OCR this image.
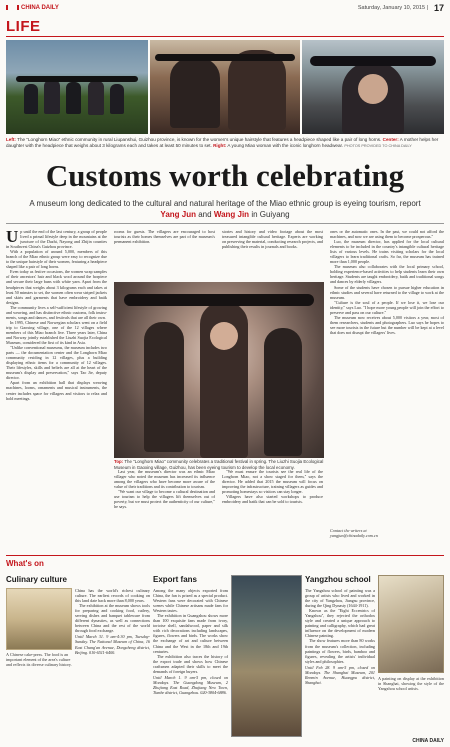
CHINA DAILY	Saturday, January 10, 2015 | 17
LIFE
Left: The "Longhorn Miao" ethnic community in rural Liupanshui, Guizhou province, is known for the women's unique hairstyle that features a headpiece shaped like a pair of long horns. Center: A mother helps her daughter with the headpiece that weighs about 3 kilograms each and takes at least 50 minutes to set. Right: A young Miao woman with the iconic longhorn headwear. PHOTOS PROVIDED TO CHINA DAILY
Customs worth celebrating
A museum long dedicated to the cultural and natural heritage of the Miao ethnic group is eyeing tourism, report Yang Jun and Wang Jin in Guiyang

Up until the end of the last century, a group of people lived a primal lifestyle deep in the mountains at the juncture of the Dazhi, Nayong and Zhijin counties in Southwest China's Guizhou province.

With a population of around 5,000, members of this branch of the Miao ethnic group were easy to recognize due to the unique hairstyle of their women, featuring a headpiece shaped like a pair of long horns.

Even today as festive occasions, the women wrap samples of their ancestors' hair and black wool around the horpiece and secure their large buns with white yarn. Apart from the headpieces that weighs about 3 kilograms each and takes at least 50 minutes to set, the women often wear striped jackets and skirts and garments that have embroidery and batik designs.

The community lives a self-sufficient lifestyle of growing and weaving, and has distinctive ethnic customs, folk instruments, songs and dances, and festivals that are all their own.

In 1995, Chinese and Norwegian scholars went on a field trip to Gaoxing village, one of the 12 villages where members of this Miao branch live. Three years later, China and Norway jointly established the Liuzhi Suojia Ecological Museum, considered the first of its kind in Asia.

"Unlike conventional museums, the museum includes two parts — the documentation center and the Longhorn Miao community residing in 12 villages, plus a building displaying ethnic items for a community of 12 villages. Their lifestyles, skills and beliefs are all at the heart of the museum's display and preservation," says Tao Jie, deputy director.

Apart from an exhibition hall that displays weaving machines, looms, ornaments and musical instruments, the center includes space for villagers and visitors to relax and hold meetings.

rooms for guests. The villagers are encouraged to host tourists as their homes themselves are part of the museum's permanent exhibition.

stories and history and video footage about the most treasured intangible cultural heritage. Experts are working on preserving the material, conducting research projects, and publishing their results in journals and books.

Top: The "Longhorn Miao" community celebrates a traditional festival in spring. The Liuzhi Suojia Ecological Museum in Gaoxing village, Guizhou, has been eyeing tourism to develop the local economy.

Last year, the museum's director was an ethnic Miao villager who noted the museum has increased its influence among the villagers who have become more aware of the value of their traditions and its contribution to tourism.

"We want our village to become a cultural destination and use tourism to help the villagers lift themselves out of poverty, but we must protect the authenticity of our culture," he says.

"We must ensure the tourists see the real life of the Longhorn Miao, not a show staged for them," says the director. He added that 2015 the museum will focus on improving the infrastructure, training villagers as guides and promoting homestays so visitors can stay longer.

Villagers have also started workshops to produce embroidery and batik that can be sold to tourists.

ones or the automatic ones. In the past, we could not afford the machines, and now we are using them to become prosperous."

Luo, the museum director, has applied for the local cultural elements to be included in the country's intangible cultural heritage lists of various levels. He trains visiting scholars for the local villagers to learn traditional crafts. So far, the museum has trained more than 1,000 people.

The museum also collaborates with the local primary school, holding experience-based activities to help students learn their own heritage. Students are taught embroidery, batik and traditional songs and dances by elderly villagers.

Some of the students have chosen to pursue higher education in ethnic studies and several have returned to the village to work at the museum.

"Culture is the soul of a people. If we lose it, we lose our identity," says Luo. "I hope more young people will join the effort to preserve and pass on our culture."

The museum now receives about 5,000 visitors a year, most of them researchers, students and photographers. Luo says he hopes to see more tourists in the future but the number will be kept at a level that does not disrupt the villagers' lives.

Contact the writers at
yangjun@chinadaily.com.cn
What's on
Culinary culture
A Chinese cake-press. The food is an important element of the area's culture and reflects its diverse culinary history.

China has the world's richest culinary culture. The earliest records of cooking on this land date back more than 8,000 years.

The exhibition at the museum shows tools for preparing and cooking food, cutlery, serving dishes and banquet tableware from different dynasties, as well as connections between China and the rest of the world through food exchange.

Until March 31. 9 am-4:30 pm, Tuesday-Sunday. The National Museum of China, 16 East Chang'an Avenue, Dongcheng district, Beijing. 010-6511-6400.

Export fans

Among the many objects exported from China, the fan is prized as a special product. Western fans were decorated with Chinese scenes while Chinese artisans made fans for Western tastes.

The exhibition in Guangzhou shows more than 100 exquisite fans made from ivory, tortoise shell, sandalwood, paper and silk with rich decorations including landscapes, figures, flowers and birds. The works show the exchange of art and culture between China and the West in the 18th and 19th centuries.

The exhibition also traces the history of the export trade and shows how Chinese craftsmen adapted their skills to meet the demands of foreign buyers.

Until March 1. 9 am-5 pm, closed on Mondays. The Guangdong Museum, 2 Zhujiang East Road, Zhujiang New Town, Tianhe district, Guangzhou. 020-3804-6886.

Yangzhou school

The Yangzhou school of painting was a group of artists who lived and worked in the city of Yangzhou, Jiangsu province, during the Qing Dynasty (1644-1911).

Known as the "Eight Eccentrics of Yangzhou", they rejected the orthodox style and created a unique approach to painting and calligraphy, which had great influence on the development of modern Chinese painting.

The show features more than 80 works from the museum's collection, including paintings of flowers, birds, bamboo and figures, revealing the artists' individual styles and philosophies.

Until Feb 28. 9 am-5 pm, closed on Mondays. The Shanghai Museum, 201 Renmin Avenue, Huangpu district, Shanghai.

A painting on display at the exhibition in Shanghai, showing the style of the Yangzhou school artists.
CHINA DAILY
